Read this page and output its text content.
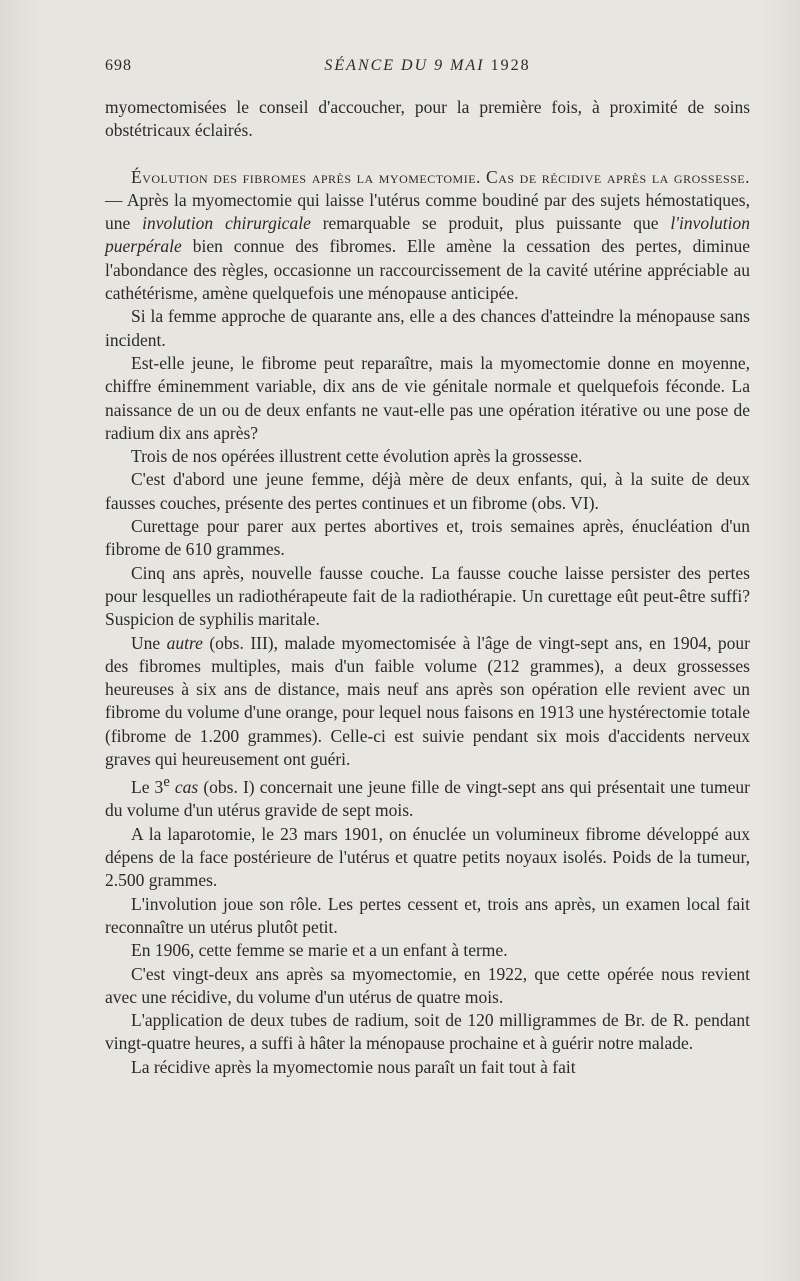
698	SÉANCE DU 9 MAI 1928

myomectomisées le conseil d'accoucher, pour la première fois, à proximité de soins obstétricaux éclairés.

Évolution des fibromes après la myomectomie. Cas de récidive après la grossesse. — Après la myomectomie qui laisse l'utérus comme boudiné par des sujets hémostatiques, une involution chirurgicale remarquable se produit, plus puissante que l'involution puerpérale bien connue des fibromes. Elle amène la cessation des pertes, diminue l'abondance des règles, occasionne un raccourcissement de la cavité utérine appréciable au cathétérisme, amène quelquefois une ménopause anticipée.

Si la femme approche de quarante ans, elle a des chances d'atteindre la ménopause sans incident.

Est-elle jeune, le fibrome peut reparaître, mais la myomectomie donne en moyenne, chiffre éminemment variable, dix ans de vie génitale normale et quelquefois féconde. La naissance de un ou de deux enfants ne vaut-elle pas une opération itérative ou une pose de radium dix ans après?

Trois de nos opérées illustrent cette évolution après la grossesse.

C'est d'abord une jeune femme, déjà mère de deux enfants, qui, à la suite de deux fausses couches, présente des pertes continues et un fibrome (obs. VI).

Curettage pour parer aux pertes abortives et, trois semaines après, énucléation d'un fibrome de 610 grammes.

Cinq ans après, nouvelle fausse couche. La fausse couche laisse persister des pertes pour lesquelles un radiothérapeute fait de la radiothérapie. Un curettage eût peut-être suffi? Suspicion de syphilis maritale.

Une autre (obs. III), malade myomectomisée à l'âge de vingt-sept ans, en 1904, pour des fibromes multiples, mais d'un faible volume (212 grammes), a deux grossesses heureuses à six ans de distance, mais neuf ans après son opération elle revient avec un fibrome du volume d'une orange, pour lequel nous faisons en 1913 une hystérectomie totale (fibrome de 1.200 grammes). Celle-ci est suivie pendant six mois d'accidents nerveux graves qui heureusement ont guéri.

Le 3e cas (obs. I) concernait une jeune fille de vingt-sept ans qui présentait une tumeur du volume d'un utérus gravide de sept mois.

A la laparotomie, le 23 mars 1901, on énuclée un volumineux fibrome développé aux dépens de la face postérieure de l'utérus et quatre petits noyaux isolés. Poids de la tumeur, 2.500 grammes.

L'involution joue son rôle. Les pertes cessent et, trois ans après, un examen local fait reconnaître un utérus plutôt petit.

En 1906, cette femme se marie et a un enfant à terme.

C'est vingt-deux ans après sa myomectomie, en 1922, que cette opérée nous revient avec une récidive, du volume d'un utérus de quatre mois.

L'application de deux tubes de radium, soit de 120 milligrammes de Br. de R. pendant vingt-quatre heures, a suffi à hâter la ménopause prochaine et à guérir notre malade.

La récidive après la myomectomie nous paraît un fait tout à fait
